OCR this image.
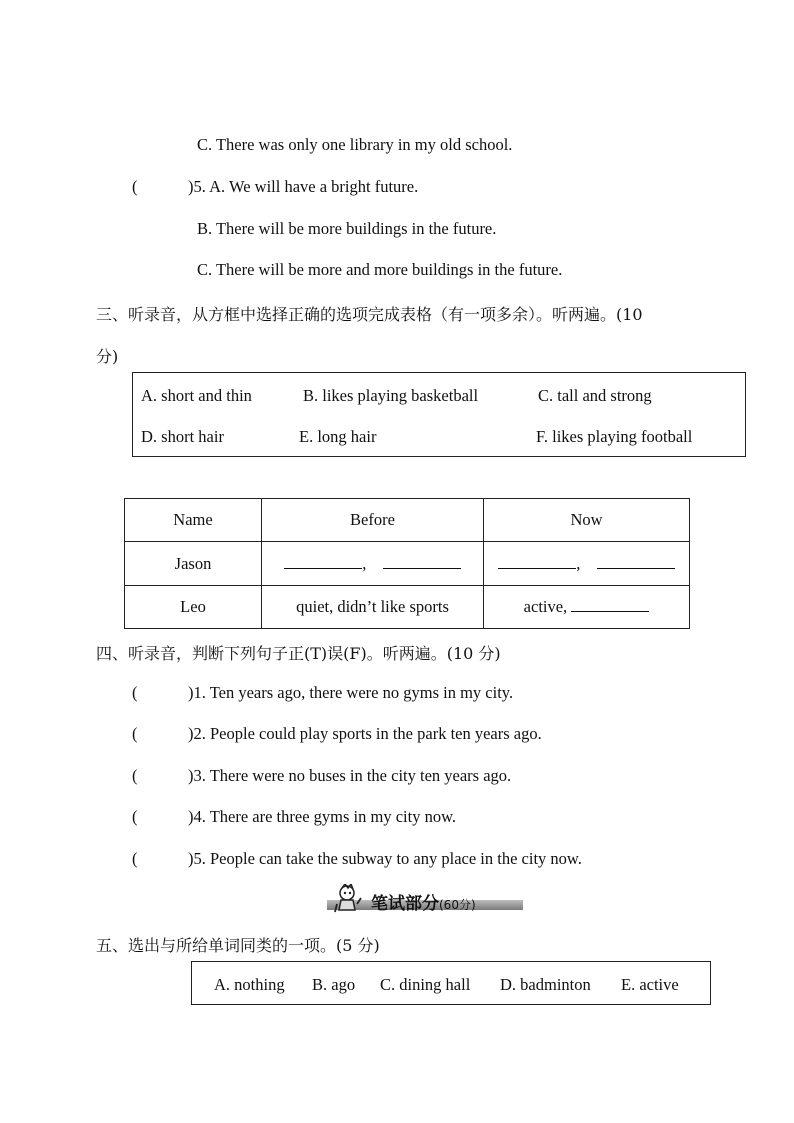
C. There was only one library in my old school.
(	)5. A. We will have a bright future.
B. There will be more buildings in the future.
C. There will be more and more buildings in the future.
三、听录音，从方框中选择正确的选项完成表格（有一项多余）。听两遍。(10
分)
A. short and thin	B. likes playing basketball	C. tall and strong
D. short hair	E. long hair	F. likes playing football
Name	Before	Now
Jason	,	,
Leo	quiet, didn’t like sports	active,
四、听录音，判断下列句子正(T)误(F)。听两遍。(10 分)
(	)1. Ten years ago, there were no gyms in my city.
(	)2. People could play sports in the park ten years ago.
(	)3. There were no buses in the city ten years ago.
(	)4. There are three gyms in my city now.
(	)5. People can take the subway to any place in the city now.
笔试部分(60分)
五、选出与所给单词同类的一项。(5 分)
A. nothing B. ago C. dining hall D. badminton E. active
